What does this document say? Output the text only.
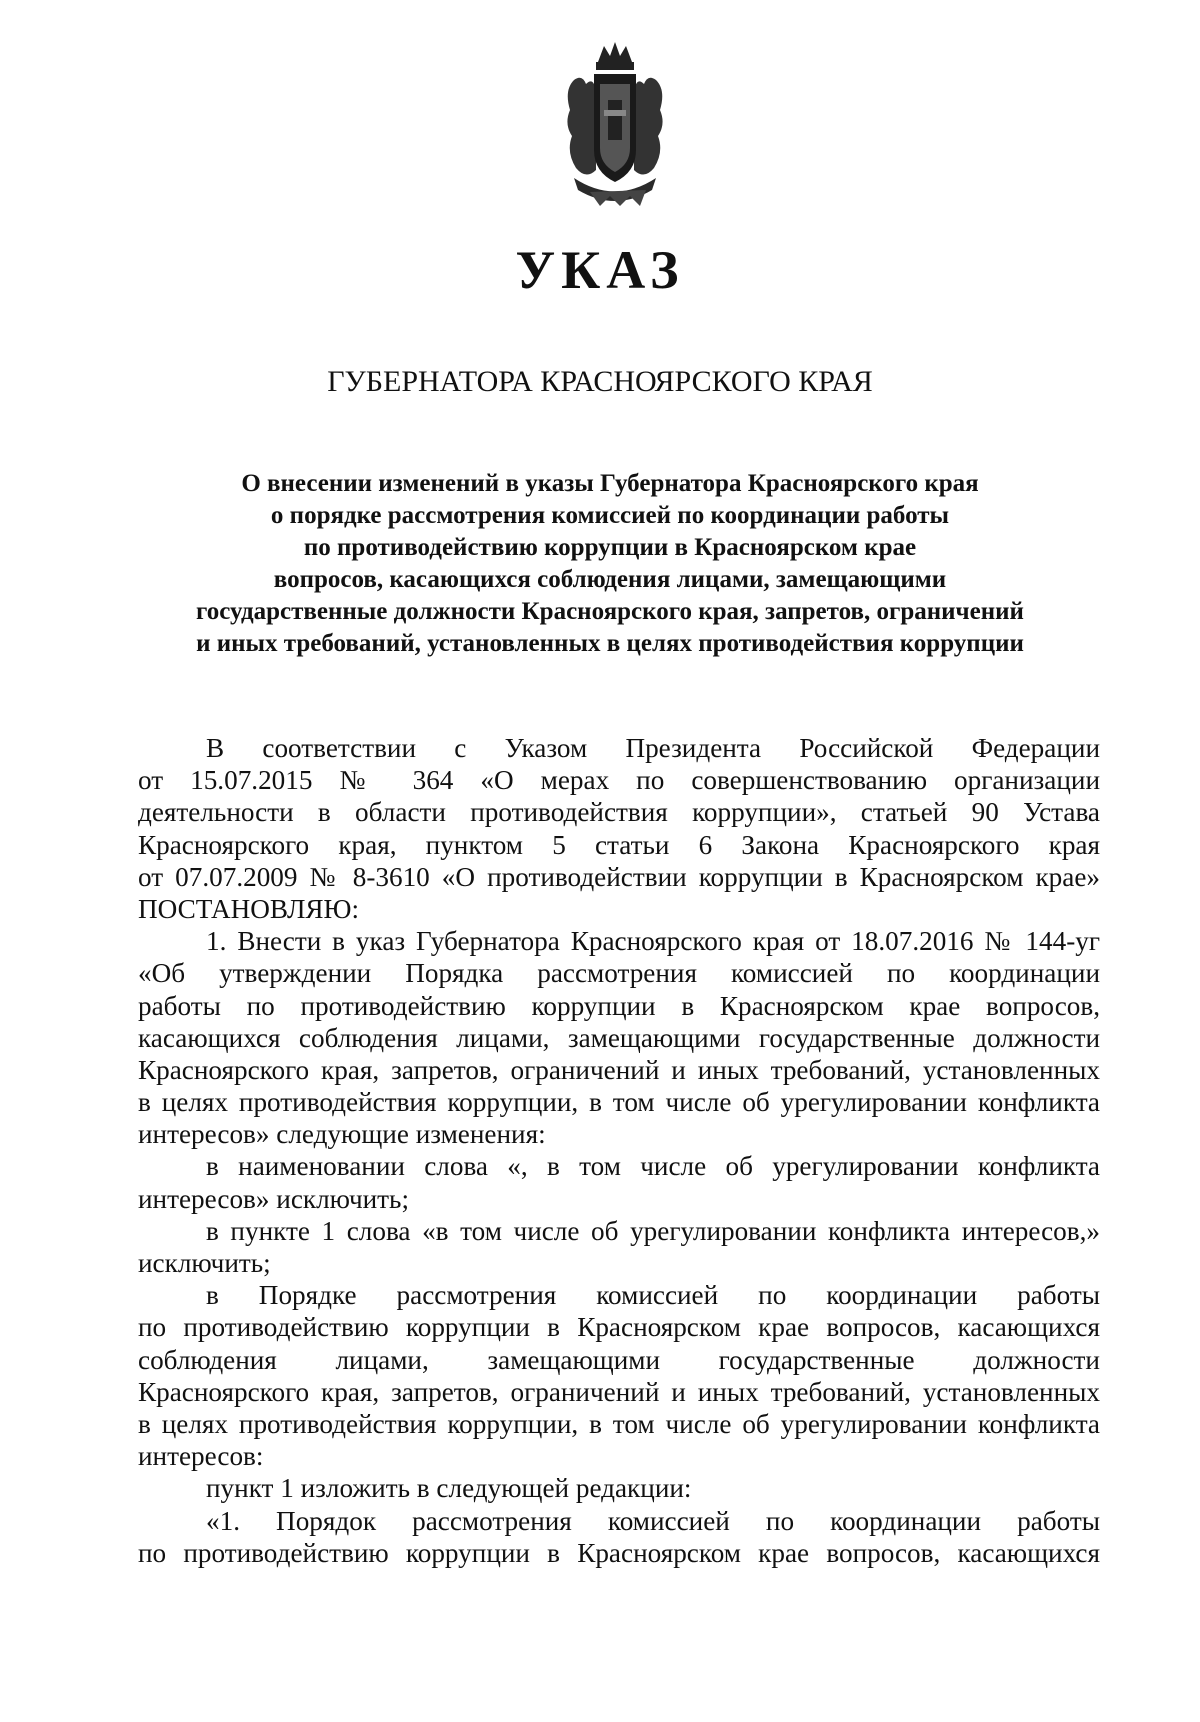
УКАЗ
ГУБЕРНАТОРА КРАСНОЯРСКОГО КРАЯ
О внесении изменений в указы Губернатора Красноярского края
о порядке рассмотрения комиссией по координации работы
по противодействию коррупции в Красноярском крае
вопросов, касающихся соблюдения лицами, замещающими
государственные должности Красноярского края, запретов, ограничений
и иных требований, установленных в целях противодействия коррупции
В соответствии с Указом Президента Российской Федерации
от 15.07.2015 № 364 «О мерах по совершенствованию организации
деятельности в области противодействия коррупции», статьей 90 Устава
Красноярского края, пунктом 5 статьи 6 Закона Красноярского края
от 07.07.2009 № 8-3610 «О противодействии коррупции в Красноярском крае»
ПОСТАНОВЛЯЮ:
1. Внести в указ Губернатора Красноярского края от 18.07.2016 № 144-уг
«Об утверждении Порядка рассмотрения комиссией по координации
работы по противодействию коррупции в Красноярском крае вопросов,
касающихся соблюдения лицами, замещающими государственные должности
Красноярского края, запретов, ограничений и иных требований, установленных
в целях противодействия коррупции, в том числе об урегулировании конфликта
интересов» следующие изменения:
в наименовании слова «, в том числе об урегулировании конфликта
интересов» исключить;
в пункте 1 слова «в том числе об урегулировании конфликта интересов,»
исключить;
в Порядке рассмотрения комиссией по координации работы
по противодействию коррупции в Красноярском крае вопросов, касающихся
соблюдения лицами, замещающими государственные должности
Красноярского края, запретов, ограничений и иных требований, установленных
в целях противодействия коррупции, в том числе об урегулировании конфликта
интересов:
пункт 1 изложить в следующей редакции:
«1. Порядок рассмотрения комиссией по координации работы
по противодействию коррупции в Красноярском крае вопросов, касающихся
